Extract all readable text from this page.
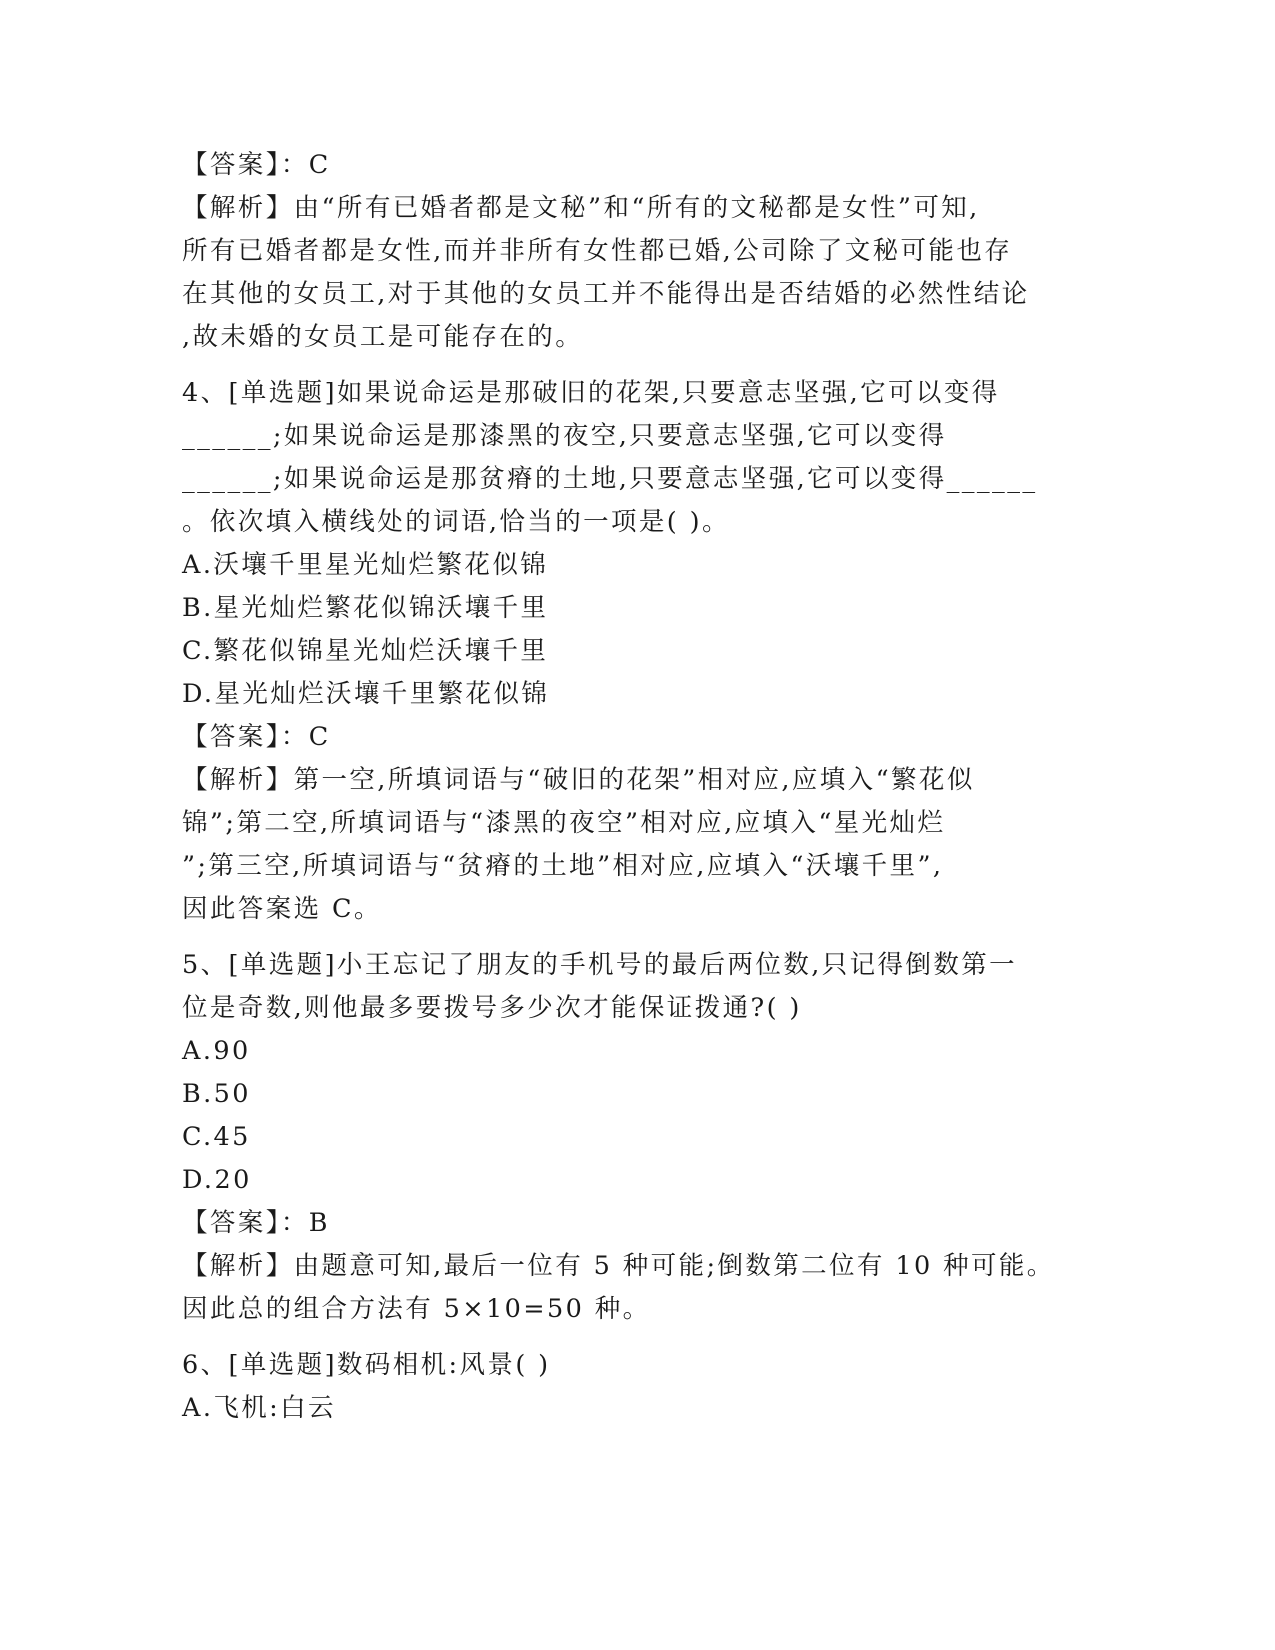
【答案】：C
【解析】由“所有已婚者都是文秘”和“所有的文秘都是女性”可知,
所有已婚者都是女性,而并非所有女性都已婚,公司除了文秘可能也存
在其他的女员工,对于其他的女员工并不能得出是否结婚的必然性结论
,故未婚的女员工是可能存在的。
4、[单选题]如果说命运是那破旧的花架,只要意志坚强,它可以变得
______;如果说命运是那漆黑的夜空,只要意志坚强,它可以变得
______;如果说命运是那贫瘠的土地,只要意志坚强,它可以变得______
。依次填入横线处的词语,恰当的一项是( )。
A.沃壤千里星光灿烂繁花似锦
B.星光灿烂繁花似锦沃壤千里
C.繁花似锦星光灿烂沃壤千里
D.星光灿烂沃壤千里繁花似锦
【答案】：C
【解析】第一空,所填词语与“破旧的花架”相对应,应填入“繁花似
锦”;第二空,所填词语与“漆黑的夜空”相对应,应填入“星光灿烂
”;第三空,所填词语与“贫瘠的土地”相对应,应填入“沃壤千里”,
因此答案选 C。
5、[单选题]小王忘记了朋友的手机号的最后两位数,只记得倒数第一
位是奇数,则他最多要拨号多少次才能保证拨通?( )
A.90
B.50
C.45
D.20
【答案】：B
【解析】由题意可知,最后一位有 5 种可能;倒数第二位有 10 种可能。
因此总的组合方法有 5×10=50 种。
6、[单选题]数码相机:风景( )
A.飞机:白云
